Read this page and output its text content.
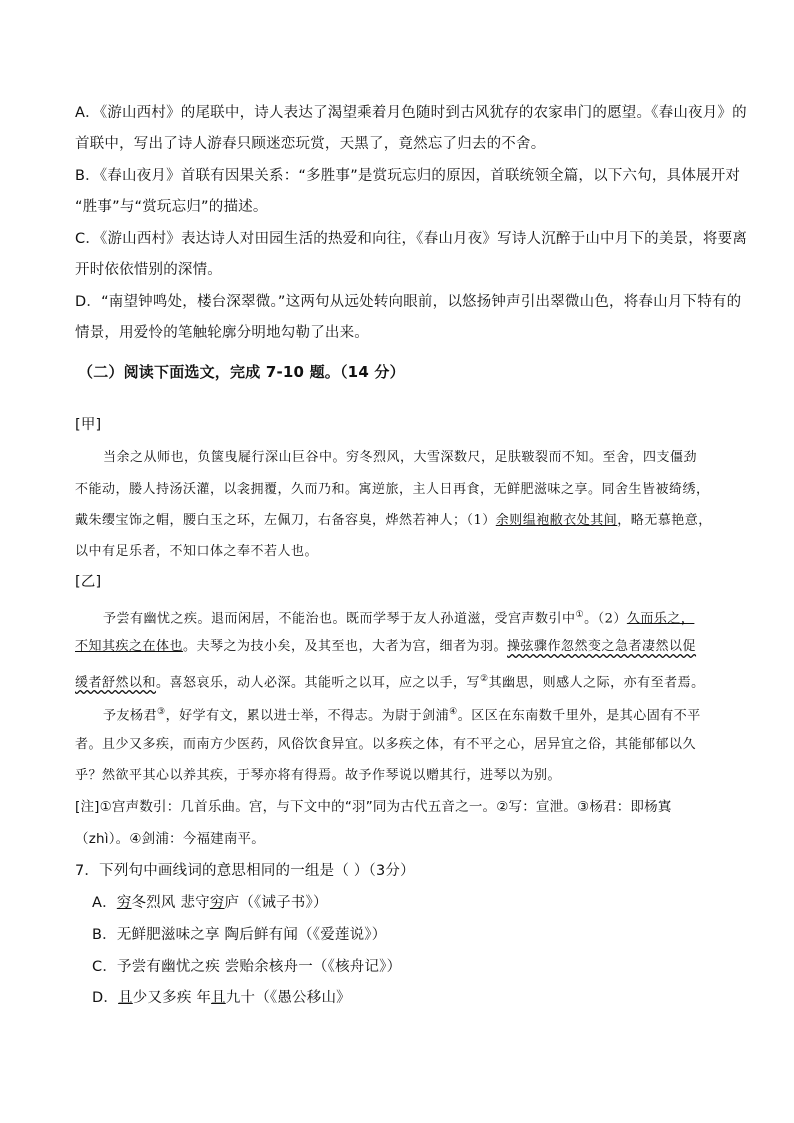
A．《游山西村》的尾联中，诗人表达了渴望乘着月色随时到古风犹存的农家串门的愿望。《春山夜月》的
首联中，写出了诗人游春只顾迷恋玩赏，天黑了，竟然忘了归去的不舍。
B．《春山夜月》首联有因果关系：“多胜事”是赏玩忘归的原因，首联统领全篇，以下六句，具体展开对
“胜事”与“赏玩忘归”的描述。
C．《游山西村》表达诗人对田园生活的热爱和向往，《春山月夜》写诗人沉醉于山中月下的美景，将要离
开时依依惜别的深情。
D．“南望钟鸣处，楼台深翠微。”这两句从远处转向眼前，以悠扬钟声引出翠微山色，将春山月下特有的
情景，用爱怜的笔触轮廓分明地勾勒了出来。
（二）阅读下面选文，完成 7-10 题。（14 分）
[甲]
当余之从师也，负箧曳屣行深山巨谷中。穷冬烈风，大雪深数尺，足肤皲裂而不知。至舍，四支僵劲
不能动，媵人持汤沃灌，以衾拥覆，久而乃和。寓逆旅，主人日再食，无鲜肥滋味之享。同舍生皆被绮绣，
戴朱缨宝饰之帽，腰白玉之环，左佩刀，右备容臭，烨然若神人；（1）余则缊袍敝衣处其间，略无慕艳意，
以中有足乐者，不知口体之奉不若人也。
[乙]
予尝有幽忧之疾。退而闲居，不能治也。既而学琴于友人孙道滋，受宫声数引中①。（2）久而乐之，
不知其疾之在体也。夫琴之为技小矣，及其至也，大者为宫，细者为羽。操弦骤作忽然变之急者凄然以促
缓者舒然以和。喜怒哀乐，动人必深。其能听之以耳，应之以手，写②其幽思，则感人之际，亦有至者焉。
予友杨君③，好学有文，累以进士举，不得志。为尉于剑浦④。区区在东南数千里外，是其心固有不平
者。且少又多疾，而南方少医药，风俗饮食异宜。以多疾之体，有不平之心，居异宜之俗，其能郁郁以久
乎？然欲平其心以养其疾，于琴亦将有得焉。故予作琴说以赠其行，进琴以为别。
[注]①宫声数引：几首乐曲。宫，与下文中的“羽”同为古代五音之一。②写：宣泄。③杨君：即杨寘
（zhì）。④剑浦：今福建南平。
7．下列句中画线词的意思相同的一组是（ ）（3分）
A．穷冬烈风 悲守穷庐（《诫子书》）
B．无鲜肥滋味之享 陶后鲜有闻（《爱莲说》）
C．予尝有幽忧之疾 尝贻余核舟一（《核舟记》）
D．且少又多疾 年且九十（《愚公移山》
